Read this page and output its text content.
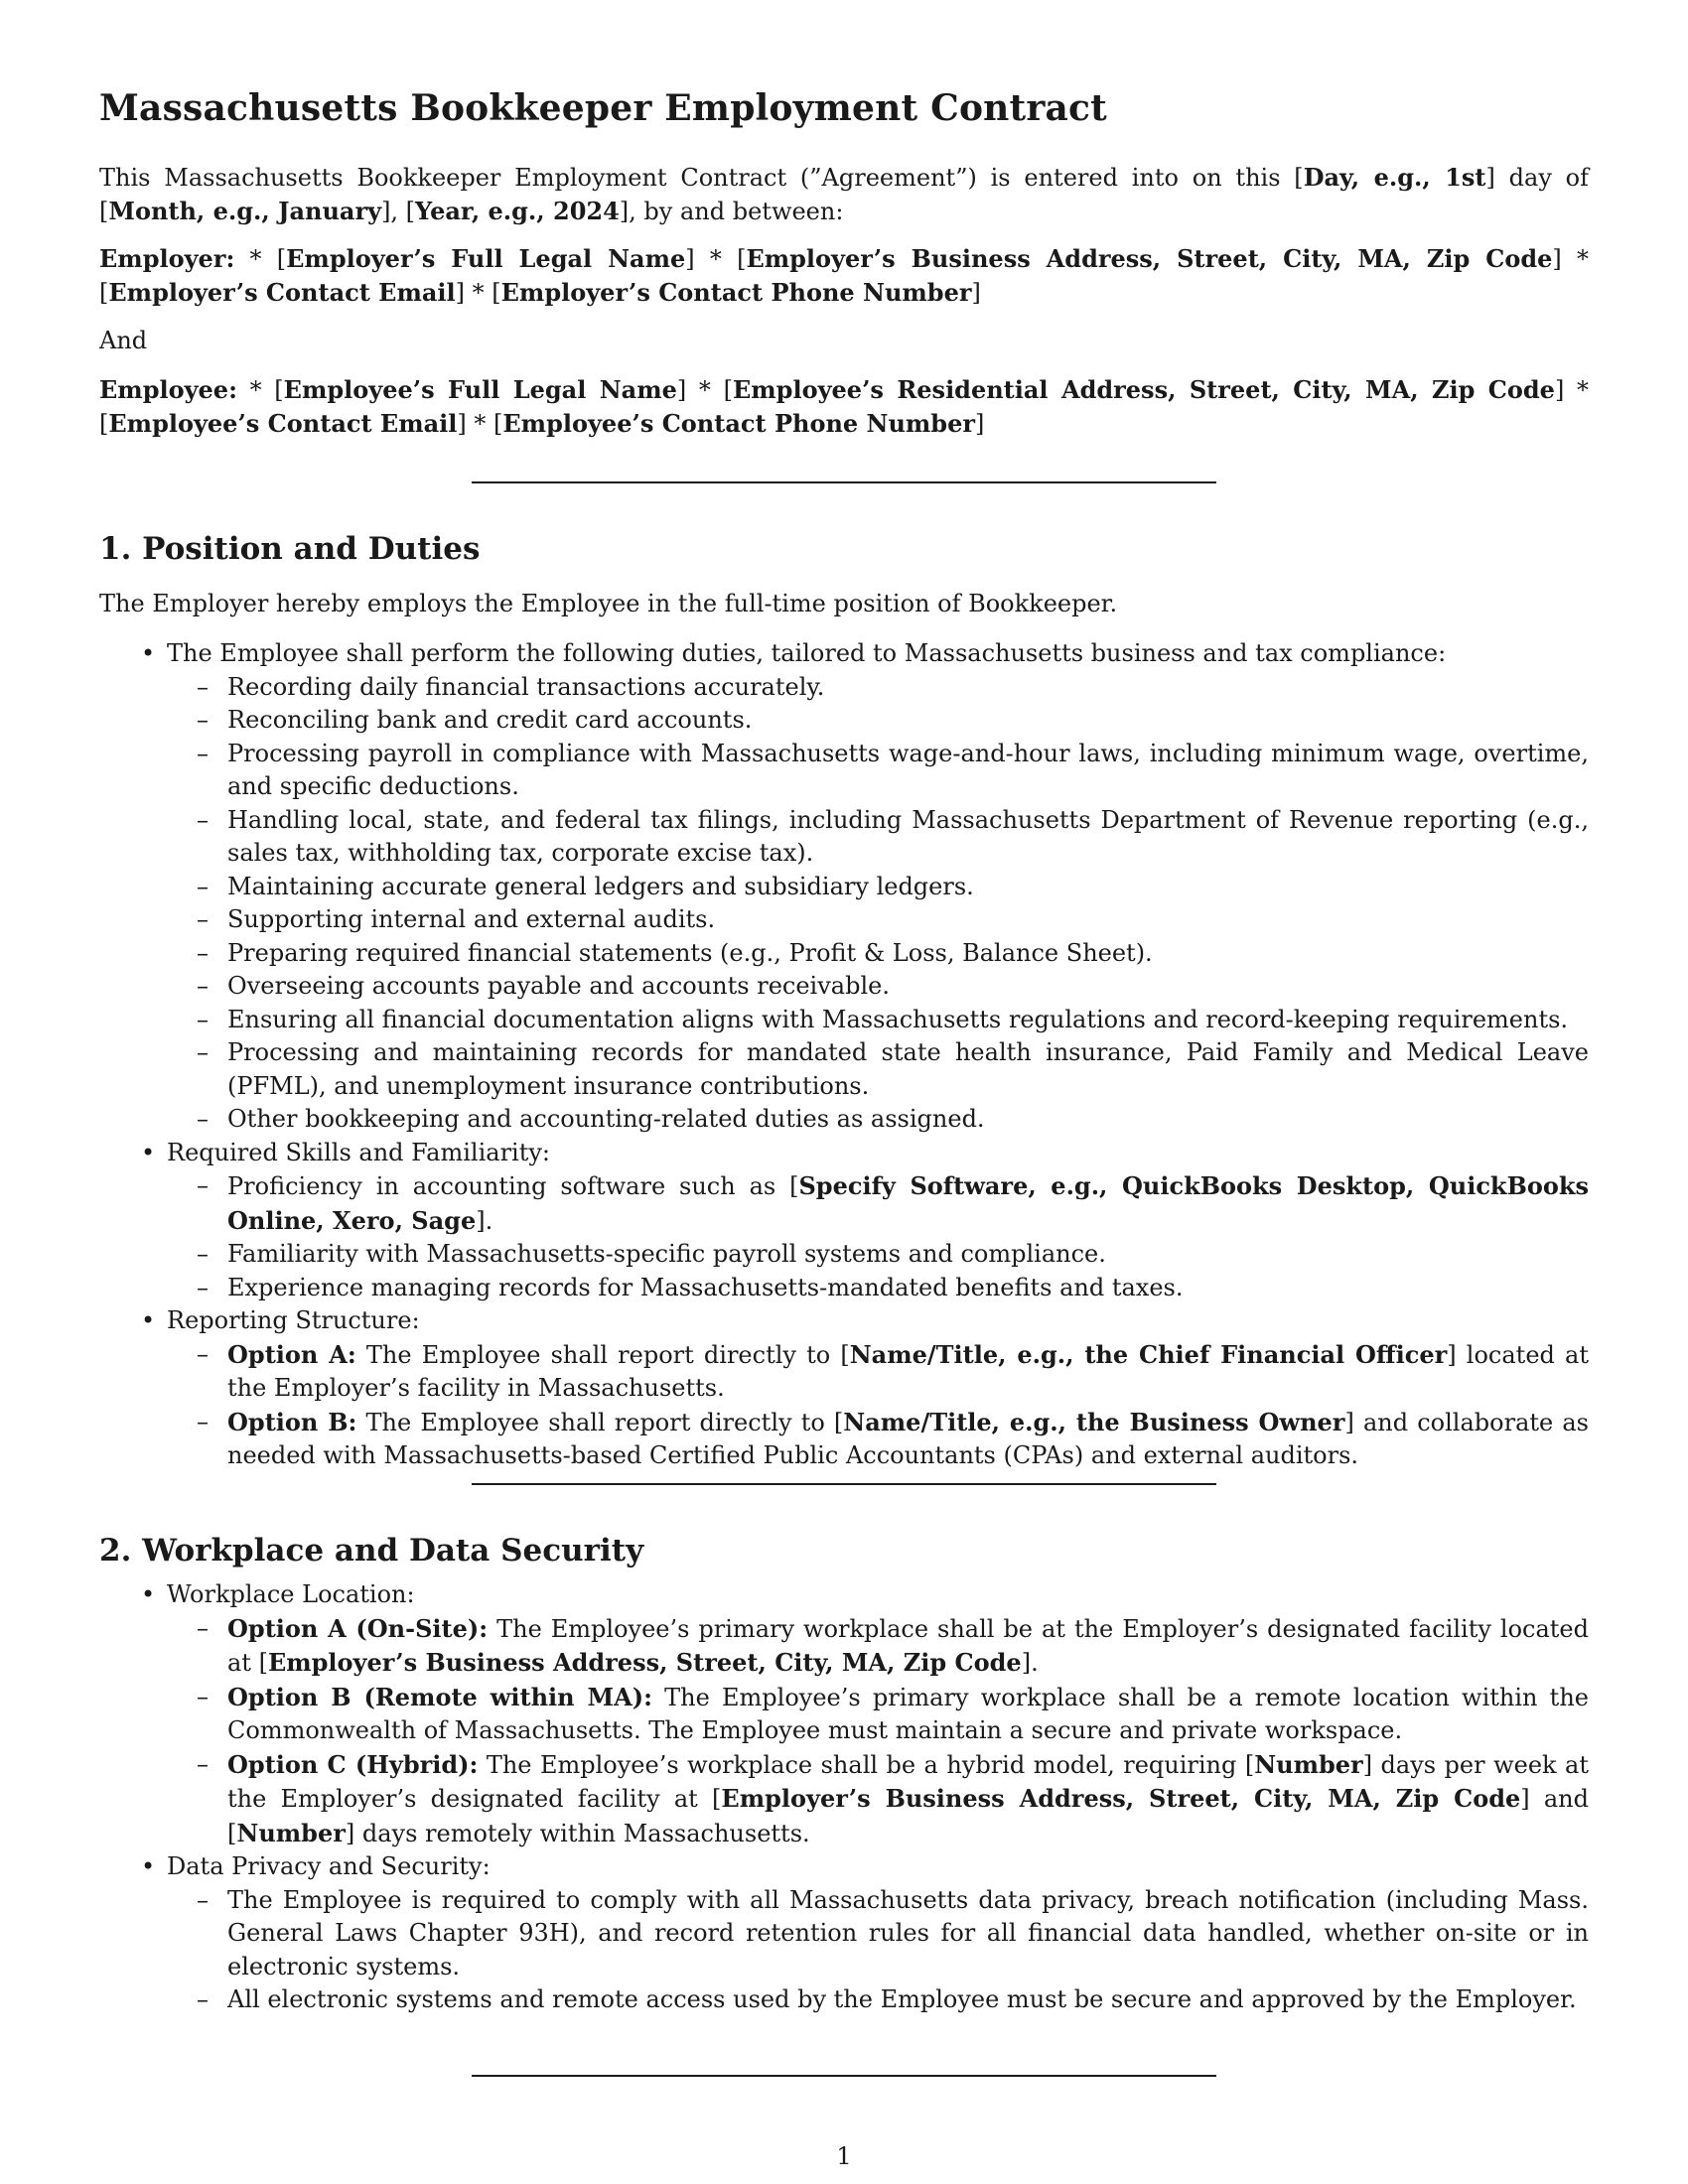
Massachusetts Bookkeeper Employment Contract

This Massachusetts Bookkeeper Employment Contract (”Agreement”) is entered into on this [Day, e.g., 1st] day of [Month, e.g., January], [Year, e.g., 2024], by and between:

Employer: * [Employer’s Full Legal Name] * [Employer’s Business Address, Street, City, MA, Zip Code] * [Employer’s Contact Email] * [Employer’s Contact Phone Number]

And

Employee: * [Employee’s Full Legal Name] * [Employee’s Residential Address, Street, City, MA, Zip Code] * [Employee’s Contact Email] * [Employee’s Contact Phone Number]

1. Position and Duties

The Employer hereby employs the Employee in the full-time position of Bookkeeper.

• The Employee shall perform the following duties, tailored to Massachusetts business and tax compliance:
– Recording daily financial transactions accurately.
– Reconciling bank and credit card accounts.
– Processing payroll in compliance with Massachusetts wage-and-hour laws, including minimum wage, overtime, and specific deductions.
– Handling local, state, and federal tax filings, including Massachusetts Department of Revenue reporting (e.g., sales tax, withholding tax, corporate excise tax).
– Maintaining accurate general ledgers and subsidiary ledgers.
– Supporting internal and external audits.
– Preparing required financial statements (e.g., Profit & Loss, Balance Sheet).
– Overseeing accounts payable and accounts receivable.
– Ensuring all financial documentation aligns with Massachusetts regulations and record-keeping requirements.
– Processing and maintaining records for mandated state health insurance, Paid Family and Medical Leave (PFML), and unemployment insurance contributions.
– Other bookkeeping and accounting-related duties as assigned.
• Required Skills and Familiarity:
– Proficiency in accounting software such as [Specify Software, e.g., QuickBooks Desktop, QuickBooks Online, Xero, Sage].
– Familiarity with Massachusetts-specific payroll systems and compliance.
– Experience managing records for Massachusetts-mandated benefits and taxes.
• Reporting Structure:
– Option A: The Employee shall report directly to [Name/Title, e.g., the Chief Financial Officer] located at the Employer’s facility in Massachusetts.
– Option B: The Employee shall report directly to [Name/Title, e.g., the Business Owner] and collaborate as needed with Massachusetts-based Certified Public Accountants (CPAs) and external auditors.
2. Workplace and Data Security
• Workplace Location:
– Option A (On-Site): The Employee’s primary workplace shall be at the Employer’s designated facility located at [Employer’s Business Address, Street, City, MA, Zip Code].
– Option B (Remote within MA): The Employee’s primary workplace shall be a remote location within the Commonwealth of Massachusetts. The Employee must maintain a secure and private workspace.
– Option C (Hybrid): The Employee’s workplace shall be a hybrid model, requiring [Number] days per week at the Employer’s designated facility at [Employer’s Business Address, Street, City, MA, Zip Code] and [Number] days remotely within Massachusetts.
• Data Privacy and Security:
– The Employee is required to comply with all Massachusetts data privacy, breach notification (including Mass. General Laws Chapter 93H), and record retention rules for all financial data handled, whether on-site or in electronic systems.
– All electronic systems and remote access used by the Employee must be secure and approved by the Employer.
1
